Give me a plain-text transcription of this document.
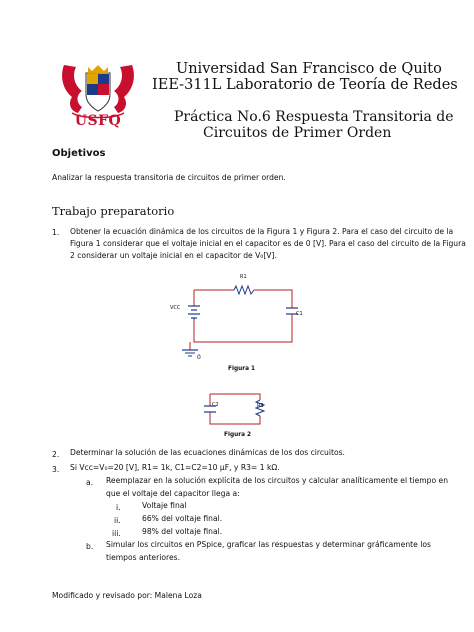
USFQ
Universidad San Francisco de Quito
IEE-311L Laboratorio de Teoría de Redes
Práctica No.6 Respuesta Transitoria de
Circuitos de Primer Orden
Objetivos
Analizar la respuesta transitoria de circuitos de primer orden.
Trabajo preparatorio
1. Obtener la ecuación dinámica de los circuitos de la Figura 1 y Figura 2. Para el caso del circuito de la
Figura 1 considerar que el voltaje inicial en el capacitor es de 0 [V]. Para el caso del circuito de la Figura
2 considerar un voltaje inicial en el capacitor de V₀[V].
R1
VCC
C1
0
Figura 1
C2	R3
Figura 2
2. Determinar la solución de las ecuaciones dinámicas de los dos circuitos.
3. Si Vcc=V₀=20 [V], R1= 1k, C1=C2=10 µF, y R3= 1 kΩ.
a. Reemplazar en la solución explícita de los circuitos y calcular analíticamente el tiempo en
que el voltaje del capacitor llega a:
i.	Voltaje final
ii.	66% del voltaje final.
iii.	98% del voltaje final.
b. Simular los circuitos en PSpice, graficar las respuestas y determinar gráficamente los
tiempos anteriores.
Modificado y revisado por: Malena Loza
